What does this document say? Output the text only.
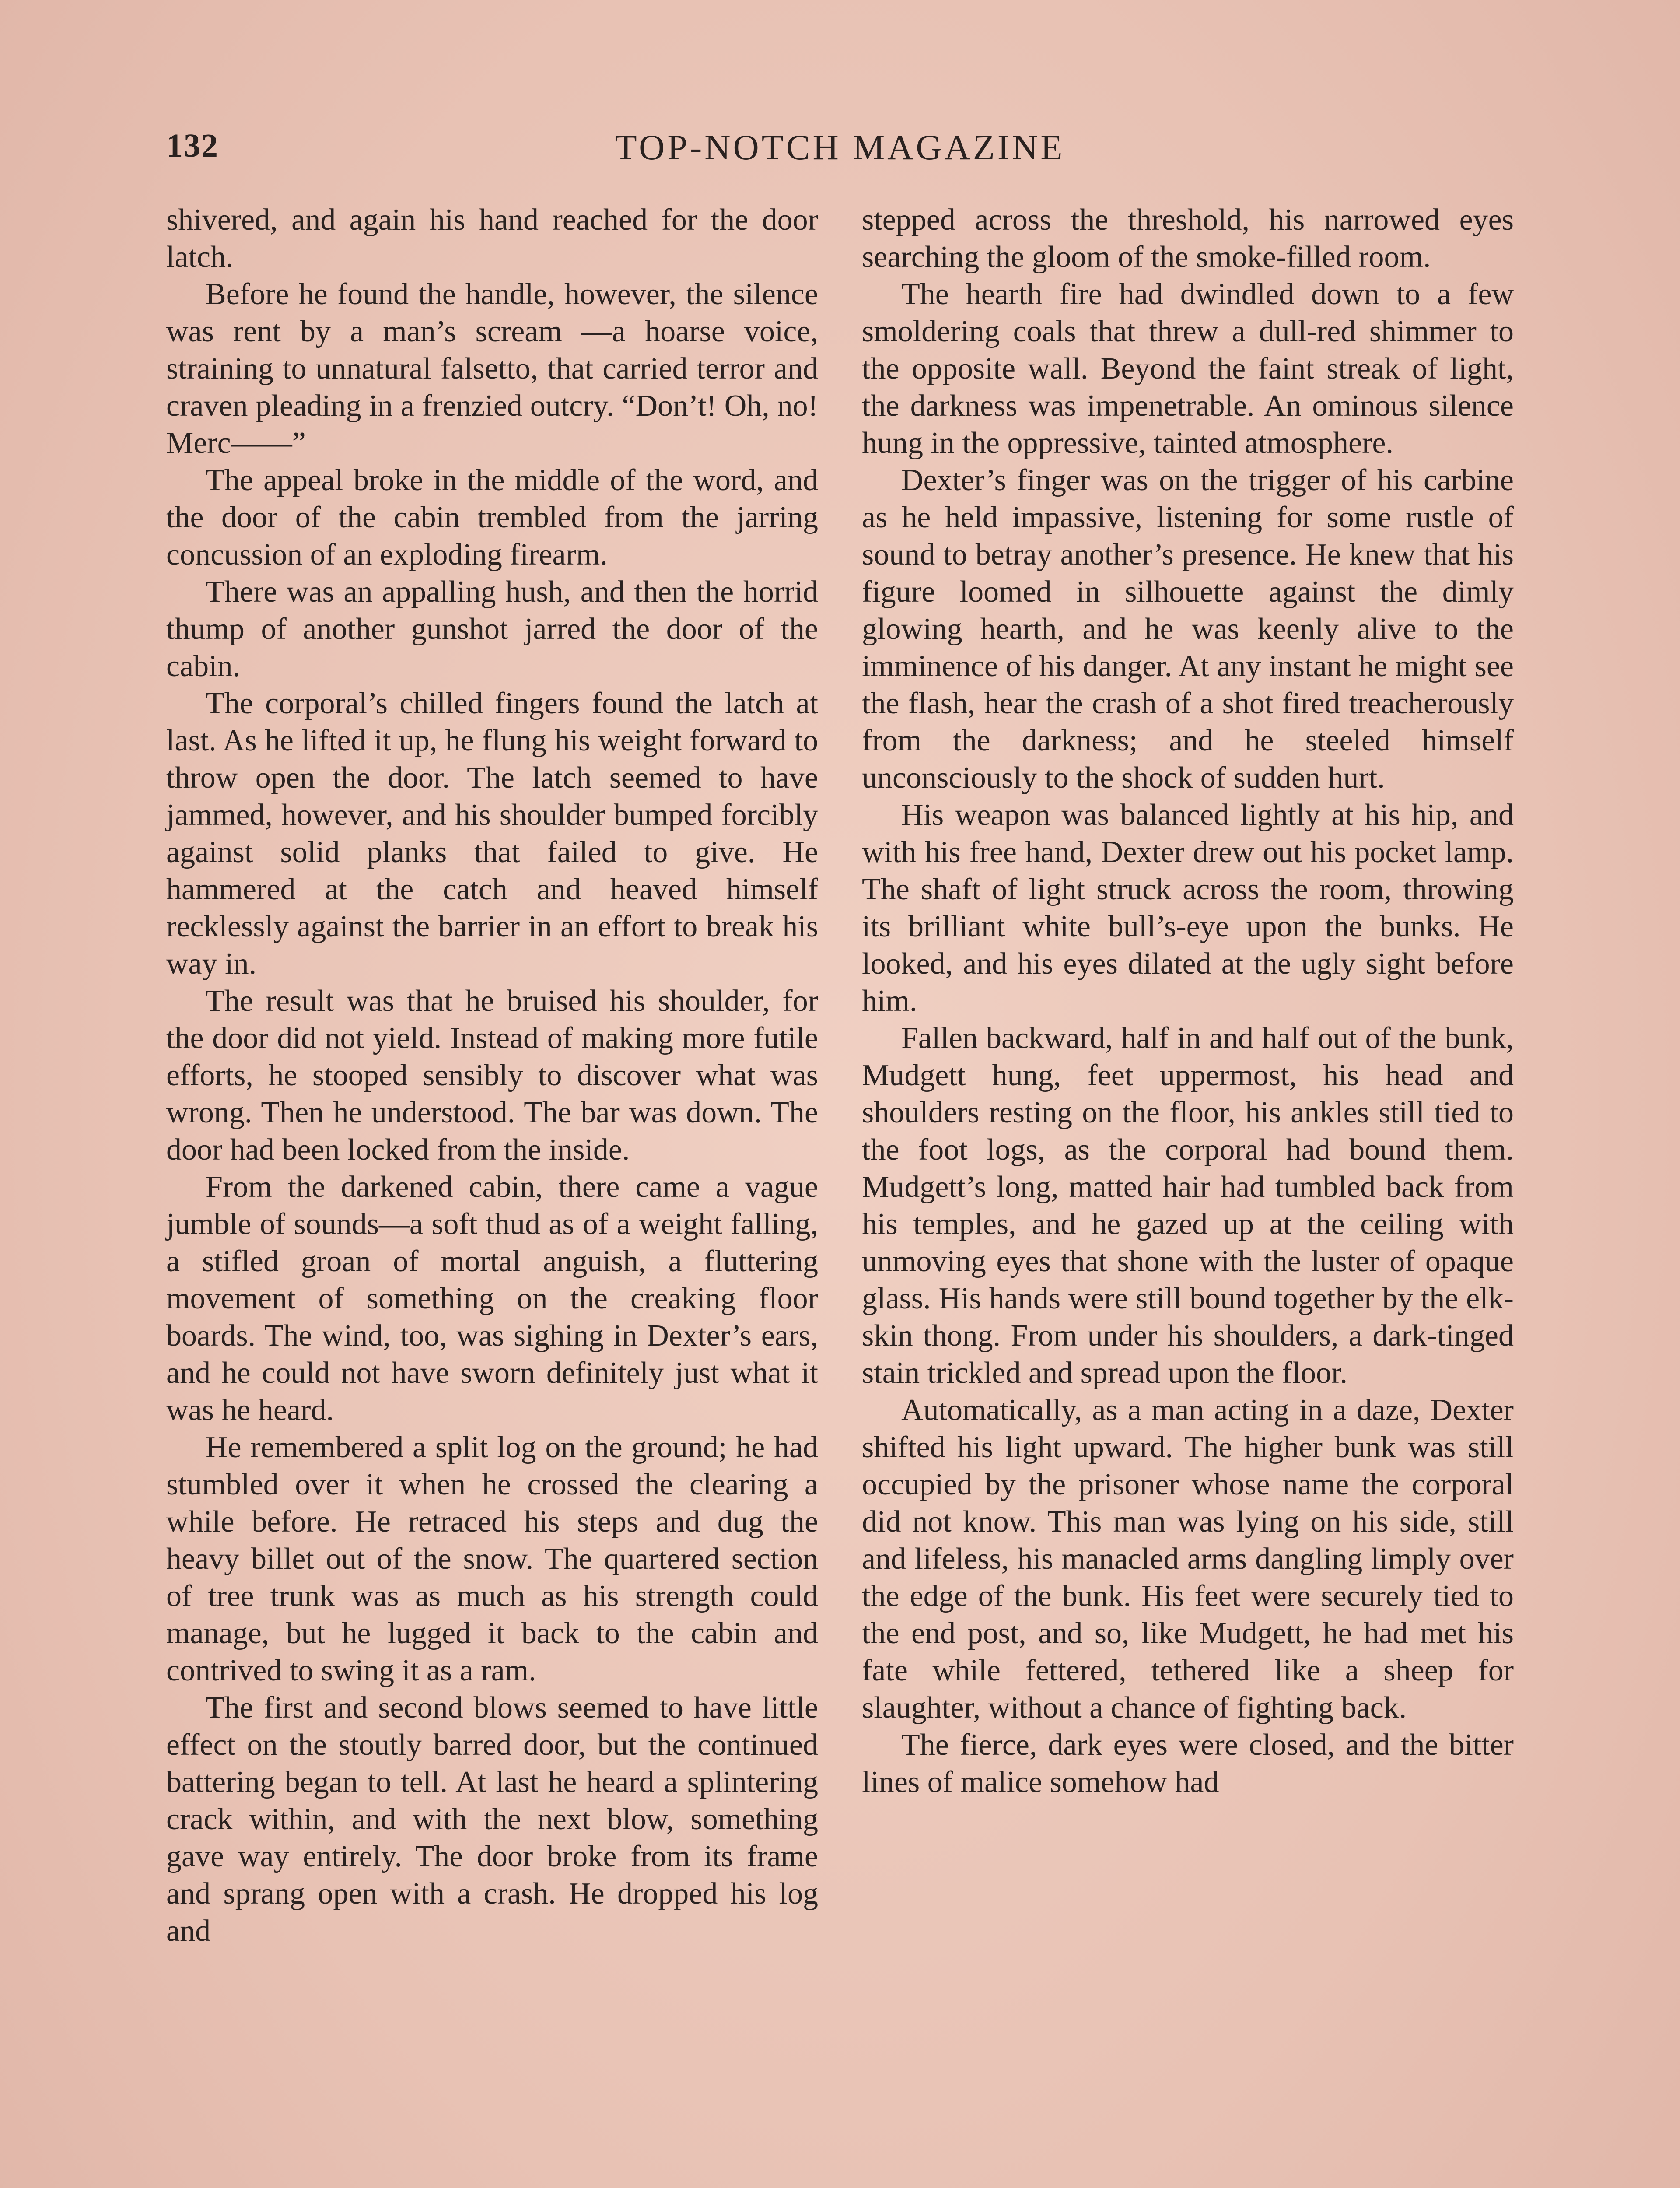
132	TOP-NOTCH MAGAZINE

shivered, and again his hand reached for the door latch.

Before he found the handle, however, the silence was rent by a man’s scream —a hoarse voice, straining to unnatural falsetto, that carried terror and craven pleading in a frenzied outcry. “Don’t! Oh, no! Merc——”

The appeal broke in the middle of the word, and the door of the cabin trembled from the jarring concussion of an exploding firearm.

There was an appalling hush, and then the horrid thump of another gunshot jarred the door of the cabin.

The corporal’s chilled fingers found the latch at last. As he lifted it up, he flung his weight forward to throw open the door. The latch seemed to have jammed, however, and his shoulder bumped forcibly against solid planks that failed to give. He hammered at the catch and heaved himself recklessly against the barrier in an effort to break his way in.

The result was that he bruised his shoulder, for the door did not yield. Instead of making more futile efforts, he stooped sensibly to discover what was wrong. Then he understood. The bar was down. The door had been locked from the inside.

From the darkened cabin, there came a vague jumble of sounds—a soft thud as of a weight falling, a stifled groan of mortal anguish, a fluttering movement of something on the creaking floor boards. The wind, too, was sighing in Dexter’s ears, and he could not have sworn definitely just what it was he heard.

He remembered a split log on the ground; he had stumbled over it when he crossed the clearing a while before. He retraced his steps and dug the heavy billet out of the snow. The quartered section of tree trunk was as much as his strength could manage, but he lugged it back to the cabin and contrived to swing it as a ram.

The first and second blows seemed to have little effect on the stoutly barred door, but the continued battering began to tell. At last he heard a splintering crack within, and with the next blow, something gave way entirely. The door broke from its frame and sprang open with a crash. He dropped his log and

stepped across the threshold, his narrowed eyes searching the gloom of the smoke-filled room.

The hearth fire had dwindled down to a few smoldering coals that threw a dull-red shimmer to the opposite wall. Beyond the faint streak of light, the darkness was impenetrable. An ominous silence hung in the oppressive, tainted atmosphere.

Dexter’s finger was on the trigger of his carbine as he held impassive, listening for some rustle of sound to betray another’s presence. He knew that his figure loomed in silhouette against the dimly glowing hearth, and he was keenly alive to the imminence of his danger. At any instant he might see the flash, hear the crash of a shot fired treacherously from the darkness; and he steeled himself unconsciously to the shock of sudden hurt.

His weapon was balanced lightly at his hip, and with his free hand, Dexter drew out his pocket lamp. The shaft of light struck across the room, throwing its brilliant white bull’s-eye upon the bunks. He looked, and his eyes dilated at the ugly sight before him.

Fallen backward, half in and half out of the bunk, Mudgett hung, feet uppermost, his head and shoulders resting on the floor, his ankles still tied to the foot logs, as the corporal had bound them. Mudgett’s long, matted hair had tumbled back from his temples, and he gazed up at the ceiling with unmoving eyes that shone with the luster of opaque glass. His hands were still bound together by the elk-skin thong. From under his shoulders, a dark-tinged stain trickled and spread upon the floor.

Automatically, as a man acting in a daze, Dexter shifted his light upward. The higher bunk was still occupied by the prisoner whose name the corporal did not know. This man was lying on his side, still and lifeless, his manacled arms dangling limply over the edge of the bunk. His feet were securely tied to the end post, and so, like Mudgett, he had met his fate while fettered, tethered like a sheep for slaughter, without a chance of fighting back.

The fierce, dark eyes were closed, and the bitter lines of malice somehow had
